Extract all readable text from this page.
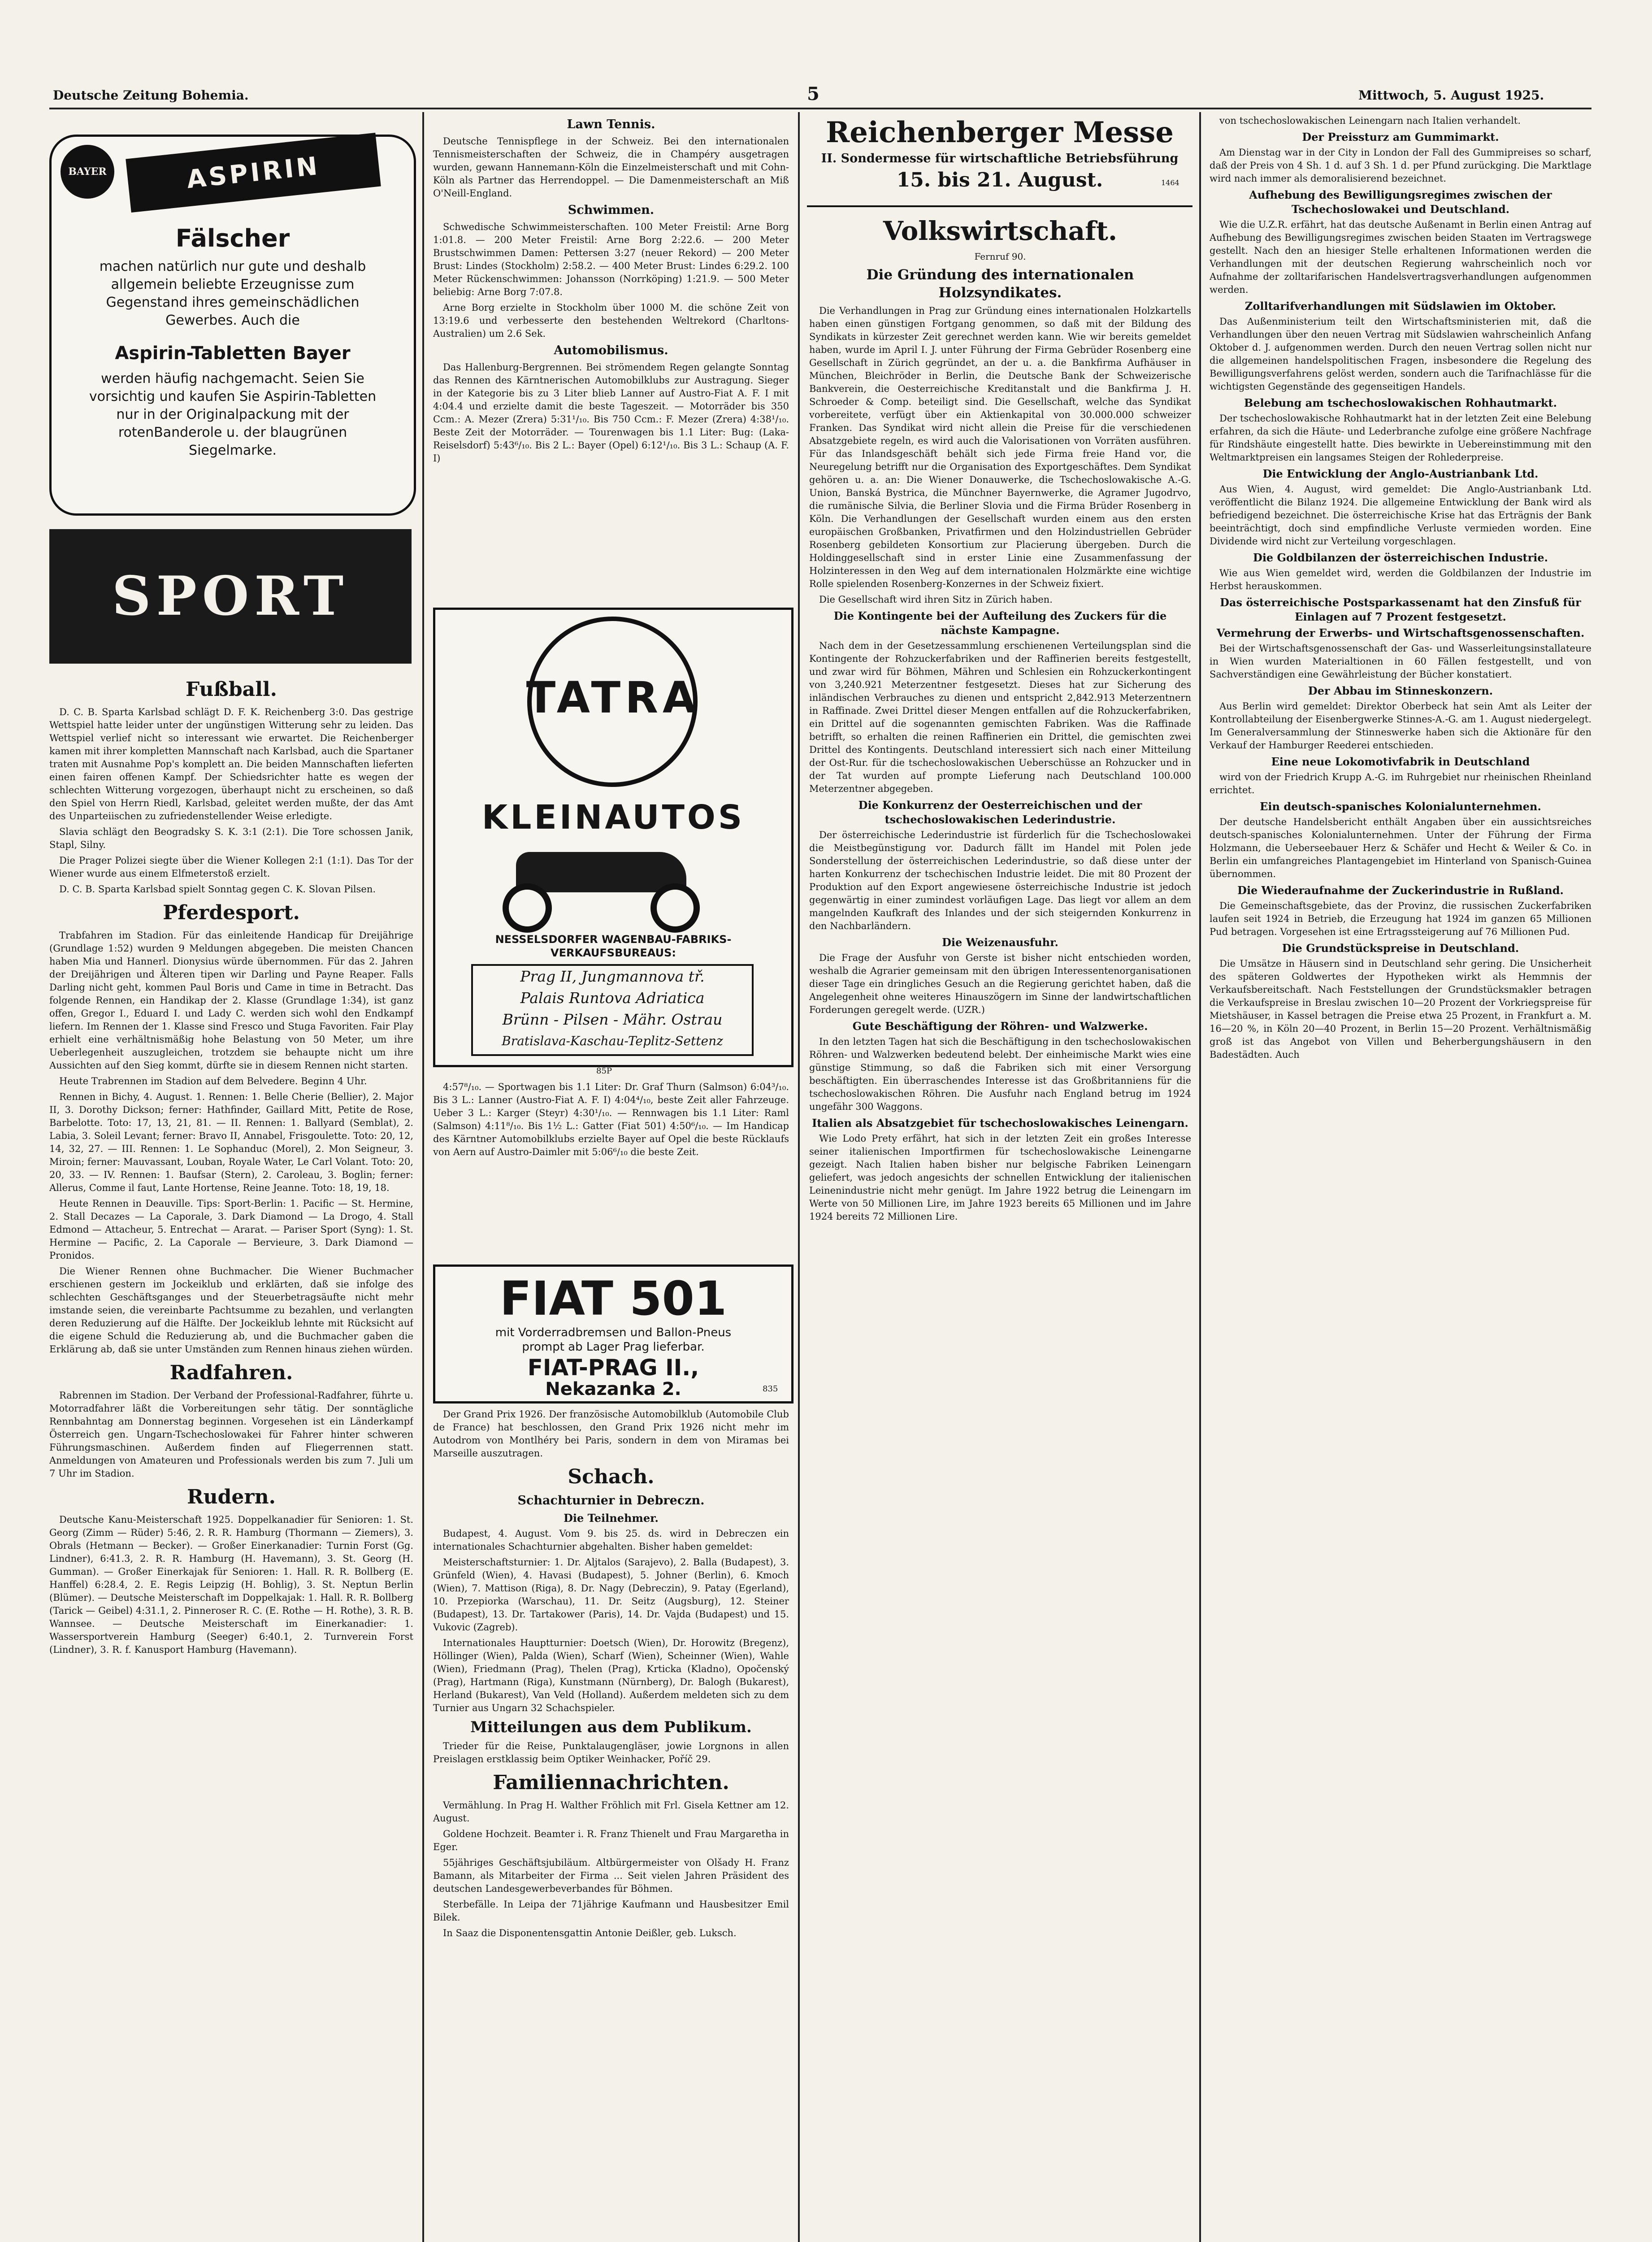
Deutsche Zeitung Bohemia.	5	Mittwoch, 5. August 1925.
BAYER	ASPIRIN
Fälscher
machen natürlich nur gute und deshalb allgemein beliebte Erzeugnisse zum Gegenstand ihres gemeinschädlichen Gewerbes. Auch die
Aspirin-Tabletten Bayer
werden häufig nachgemacht. Seien Sie vorsichtig und kaufen Sie Aspirin-Tabletten nur in der Originalpackung mit der rotenBanderole u. der blaugrünen Siegelmarke.
SPORT
Fußball.

D. C. B. Sparta Karlsbad schlägt D. F. K. Reichenberg 3:0. Das gestrige Wettspiel hatte leider unter der ungünstigen Witterung sehr zu leiden. Das Wettspiel verlief nicht so interessant wie erwartet. Die Reichenberger kamen mit ihrer kompletten Mannschaft nach Karlsbad, auch die Spartaner traten mit Ausnahme Pop's komplett an. Die beiden Mannschaften lieferten einen fairen offenen Kampf. Der Schiedsrichter hatte es wegen der schlechten Witterung vorgezogen, überhaupt nicht zu erscheinen, so daß den Spiel von Herrn Riedl, Karlsbad, geleitet werden mußte, der das Amt des Unparteiischen zu zufriedenstellender Weise erledigte.

Slavia schlägt den Beogradsky S. K. 3:1 (2:1). Die Tore schossen Janik, Stapl, Silny.

Die Prager Polizei siegte über die Wiener Kollegen 2:1 (1:1). Das Tor der Wiener wurde aus einem Elfmeterstoß erzielt.

D. C. B. Sparta Karlsbad spielt Sonntag gegen C. K. Slovan Pilsen.

Pferdesport.

Trabfahren im Stadion. Für das einleitende Handicap für Dreijährige (Grundlage 1:52) wurden 9 Meldungen abgegeben. Die meisten Chancen haben Mia und Hannerl. Dionysius würde übernommen. Für das 2. Jahren der Dreijährigen und Älteren tipen wir Darling und Payne Reaper. Falls Darling nicht geht, kommen Paul Boris und Came in time in Betracht. Das folgende Rennen, ein Handikap der 2. Klasse (Grundlage 1:34), ist ganz offen, Gregor I., Eduard I. und Lady C. werden sich wohl den Endkampf liefern. Im Rennen der 1. Klasse sind Fresco und Stuga Favoriten. Fair Play erhielt eine verhältnismäßig hohe Belastung von 50 Meter, um ihre Ueberlegenheit auszugleichen, trotzdem sie behaupte nicht um ihre Aussichten auf den Sieg kommt, dürfte sie in diesem Rennen nicht starten.

Heute Trabrennen im Stadion auf dem Belvedere. Beginn 4 Uhr.

Rennen in Bichy, 4. August. 1. Rennen: 1. Belle Cherie (Bellier), 2. Major II, 3. Dorothy Dickson; ferner: Hathfinder, Gaillard Mitt, Petite de Rose, Barbelotte. Toto: 17, 13, 21, 81. — II. Rennen: 1. Ballyard (Semblat), 2. Labia, 3. Soleil Levant; ferner: Bravo II, Annabel, Frisgoulette. Toto: 20, 12, 14, 32, 27. — III. Rennen: 1. Le Sophanduc (Morel), 2. Mon Seigneur, 3. Miroin; ferner: Mauvassant, Louban, Royale Water, Le Carl Volant. Toto: 20, 20, 33. — IV. Rennen: 1. Baufsar (Stern), 2. Caroleau, 3. Boglin; ferner: Allerus, Comme il faut, Lante Hortense, Reine Jeanne. Toto: 18, 19, 18.

Heute Rennen in Deauville. Tips: Sport-Berlin: 1. Pacific — St. Hermine, 2. Stall Decazes — La Caporale, 3. Dark Diamond — La Drogo, 4. Stall Edmond — Attacheur, 5. Entrechat — Ararat. — Pariser Sport (Syng): 1. St. Hermine — Pacific, 2. La Caporale — Bervieure, 3. Dark Diamond — Pronidos.

Die Wiener Rennen ohne Buchmacher. Die Wiener Buchmacher erschienen gestern im Jockeiklub und erklärten, daß sie infolge des schlechten Geschäftsganges und der Steuerbetragsäufte nicht mehr imstande seien, die vereinbarte Pachtsumme zu bezahlen, und verlangten deren Reduzierung auf die Hälfte. Der Jockeiklub lehnte mit Rücksicht auf die eigene Schuld die Reduzierung ab, und die Buchmacher gaben die Erklärung ab, daß sie unter Umständen zum Rennen hinaus ziehen würden.

Radfahren.

Rabrennen im Stadion. Der Verband der Professional-Radfahrer, führte u. Motorradfahrer läßt die Vorbereitungen sehr tätig. Der sonntägliche Rennbahntag am Donnerstag beginnen. Vorgesehen ist ein Länderkampf Österreich gen. Ungarn-Tschechoslowakei für Fahrer hinter schweren Führungsmaschinen. Außerdem finden auf Fliegerrennen statt. Anmeldungen von Amateuren und Professionals werden bis zum 7. Juli um 7 Uhr im Stadion.

Rudern.

Deutsche Kanu-Meisterschaft 1925. Doppelkanadier für Senioren: 1. St. Georg (Zimm — Rüder) 5:46, 2. R. R. Hamburg (Thormann — Ziemers), 3. Obrals (Hetmann — Becker). — Großer Einerkanadier: Turnin Forst (Gg. Lindner), 6:41.3, 2. R. R. Hamburg (H. Havemann), 3. St. Georg (H. Gumman). — Großer Einerkajak für Senioren: 1. Hall. R. R. Bollberg (E. Hanffel) 6:28.4, 2. E. Regis Leipzig (H. Bohlig), 3. St. Neptun Berlin (Blümer). — Deutsche Meisterschaft im Doppelkajak: 1. Hall. R. R. Bollberg (Tarick — Geibel) 4:31.1, 2. Pinneroser R. C. (E. Rothe — H. Rothe), 3. R. B. Wannsee. — Deutsche Meisterschaft im Einerkanadier: 1. Wassersportverein Hamburg (Seeger) 6:40.1, 2. Turnverein Forst (Lindner), 3. R. f. Kanusport Hamburg (Havemann).

Lawn Tennis.

Deutsche Tennispflege in der Schweiz. Bei den internationalen Tennismeisterschaften der Schweiz, die in Champéry ausgetragen wurden, gewann Hannemann-Köln die Einzelmeisterschaft und mit Cohn-Köln als Partner das Herrendoppel. — Die Damenmeisterschaft an Miß O'Neill-England.

Schwimmen.

Schwedische Schwimmeisterschaften. 100 Meter Freistil: Arne Borg 1:01.8. — 200 Meter Freistil: Arne Borg 2:22.6. — 200 Meter Brustschwimmen Damen: Pettersen 3:27 (neuer Rekord) — 200 Meter Brust: Lindes (Stockholm) 2:58.2. — 400 Meter Brust: Lindes 6:29.2. 100 Meter Rückenschwimmen: Johansson (Norrköping) 1:21.9. — 500 Meter beliebig: Arne Borg 7:07.8.

Arne Borg erzielte in Stockholm über 1000 M. die schöne Zeit von 13:19.6 und verbesserte den bestehenden Weltrekord (Charltons-Australien) um 2.6 Sek.

Automobilismus.

Das Hallenburg-Bergrennen. Bei strömendem Regen gelangte Sonntag das Rennen des Kärntnerischen Automobilklubs zur Austragung. Sieger in der Kategorie bis zu 3 Liter blieb Lanner auf Austro-Fiat A. F. I mit 4:04.4 und erzielte damit die beste Tageszeit. — Motorräder bis 350 Ccm.: A. Mezer (Zrera) 5:31¹/₁₀. Bis 750 Ccm.: F. Mezer (Zrera) 4:38¹/₁₀. Beste Zeit der Motorräder. — Tourenwagen bis 1.1 Liter: Bug: (Laka-Reiselsdorf) 5:43⁶/₁₀. Bis 2 L.: Bayer (Opel) 6:12¹/₁₀. Bis 3 L.: Schaup (A. F. I)

TATRA
KLEINAUTOS
NESSELSDORFER WAGENBAU-FABRIKS-VERKAUFSBUREAUS:
Prag II, Jungmannova tř.
Palais Runtova Adriatica
Brünn - Pilsen - Mähr. Ostrau
Bratislava-Kaschau-Teplitz-Settenz
85P

4:57⁸/₁₀. — Sportwagen bis 1.1 Liter: Dr. Graf Thurn (Salmson) 6:04³/₁₀. Bis 3 L.: Lanner (Austro-Fiat A. F. I) 4:04⁴/₁₀, beste Zeit aller Fahrzeuge. Ueber 3 L.: Karger (Steyr) 4:30¹/₁₀. — Rennwagen bis 1.1 Liter: Raml (Salmson) 4:11⁸/₁₀. Bis 1½ L.: Gatter (Fiat 501) 4:50⁶/₁₀. — Im Handicap des Kärntner Automobilklubs erzielte Bayer auf Opel die beste Rücklaufs von Aern auf Austro-Daimler mit 5:06⁶/₁₀ die beste Zeit.

FIAT 501
mit Vorderradbremsen und Ballon-Pneus
prompt ab Lager Prag lieferbar.
FIAT-PRAG II.,
Nekazanka 2.	835

Der Grand Prix 1926. Der französische Automobilklub (Automobile Club de France) hat beschlossen, den Grand Prix 1926 nicht mehr im Autodrom von Montlhéry bei Paris, sondern in dem von Miramas bei Marseille auszutragen.

Schach.
Schachturnier in Debreczn.
Die Teilnehmer.

Budapest, 4. August. Vom 9. bis 25. ds. wird in Debreczen ein internationales Schachturnier abgehalten. Bisher haben gemeldet:

Meisterschaftsturnier: 1. Dr. Aljtalos (Sarajevo), 2. Balla (Budapest), 3. Grünfeld (Wien), 4. Havasi (Budapest), 5. Johner (Berlin), 6. Kmoch (Wien), 7. Mattison (Riga), 8. Dr. Nagy (Debreczin), 9. Patay (Egerland), 10. Przepiorka (Warschau), 11. Dr. Seitz (Augsburg), 12. Steiner (Budapest), 13. Dr. Tartakower (Paris), 14. Dr. Vajda (Budapest) und 15. Vukovic (Zagreb).

Internationales Hauptturnier: Doetsch (Wien), Dr. Horowitz (Bregenz), Höllinger (Wien), Palda (Wien), Scharf (Wien), Scheinner (Wien), Wahle (Wien), Friedmann (Prag), Thelen (Prag), Krticka (Kladno), Opočenský (Prag), Hartmann (Riga), Kunstmann (Nürnberg), Dr. Balogh (Bukarest), Herland (Bukarest), Van Veld (Holland). Außerdem meldeten sich zu dem Turnier aus Ungarn 32 Schachspieler.

Mitteilungen aus dem Publikum.

Trieder für die Reise, Punktalaugengläser, jowie Lorgnons in allen Preislagen erstklassig beim Optiker Weinhacker, Poříč 29.

Familiennachrichten.

Vermählung. In Prag H. Walther Fröhlich mit Frl. Gisela Kettner am 12. August.

Goldene Hochzeit. Beamter i. R. Franz Thienelt und Frau Margaretha in Eger.

55jähriges Geschäftsjubiläum. Altbürgermeister von Olšady H. Franz Bamann, als Mitarbeiter der Firma ... Seit vielen Jahren Präsident des deutschen Landesgewerbeverbandes für Böhmen.

Sterbefälle. In Leipa der 71jährige Kaufmann und Hausbesitzer Emil Bilek.

In Saaz die Disponentensgattin Antonie Deißler, geb. Luksch.

Reichenberger Messe
II. Sondermesse für wirtschaftliche Betriebsführung
15. bis 21. August.	1464
Volkswirtschaft.
Fernruf 90.
Die Gründung des internationalen Holzsyndikates.

Die Verhandlungen in Prag zur Gründung eines internationalen Holzkartells haben einen günstigen Fortgang genommen, so daß mit der Bildung des Syndikats in kürzester Zeit gerechnet werden kann. Wie wir bereits gemeldet haben, wurde im April I. J. unter Führung der Firma Gebrüder Rosenberg eine Gesellschaft in Zürich gegründet, an der u. a. die Bankfirma Aufhäuser in München, Bleichröder in Berlin, die Deutsche Bank der Schweizerische Bankverein, die Oesterreichische Kreditanstalt und die Bankfirma J. H. Schroeder & Comp. beteiligt sind. Die Gesellschaft, welche das Syndikat vorbereitete, verfügt über ein Aktienkapital von 30.000.000 schweizer Franken. Das Syndikat wird nicht allein die Preise für die verschiedenen Absatzgebiete regeln, es wird auch die Valorisationen von Vorräten ausführen. Für das Inlandsgeschäft behält sich jede Firma freie Hand vor, die Neuregelung betrifft nur die Organisation des Exportgeschäftes. Dem Syndikat gehören u. a. an: Die Wiener Donauwerke, die Tschechoslowakische A.-G. Union, Banská Bystrica, die Münchner Bayernwerke, die Agramer Jugodrvo, die rumänische Silvia, die Berliner Slovia und die Firma Brüder Rosenberg in Köln. Die Verhandlungen der Gesellschaft wurden einem aus den ersten europäischen Großbanken, Privatfirmen und den Holzindustriellen Gebrüder Rosenberg gebildeten Konsortium zur Placierung übergeben. Durch die Holdinggesellschaft sind in erster Linie eine Zusammenfassung der Holzinteressen in den Weg auf dem internationalen Holzmärkte eine wichtige Rolle spielenden Rosenberg-Konzernes in der Schweiz fixiert.

Die Gesellschaft wird ihren Sitz in Zürich haben.

Die Kontingente bei der Aufteilung des Zuckers für die nächste Kampagne.

Nach dem in der Gesetzessammlung erschienenen Verteilungsplan sind die Kontingente der Rohzuckerfabriken und der Raffinerien bereits festgestellt, und zwar wird für Böhmen, Mähren und Schlesien ein Rohzuckerkontingent von 3,240.921 Meterzentner festgesetzt. Dieses hat zur Sicherung des inländischen Verbrauches zu dienen und entspricht 2,842.913 Meterzentnern in Raffinade. Zwei Drittel dieser Mengen entfallen auf die Rohzuckerfabriken, ein Drittel auf die sogenannten gemischten Fabriken. Was die Raffinade betrifft, so erhalten die reinen Raffinerien ein Drittel, die gemischten zwei Drittel des Kontingents. Deutschland interessiert sich nach einer Mitteilung der Ost-Rur. für die tschechoslowakischen Ueberschüsse an Rohzucker und in der Tat wurden auf prompte Lieferung nach Deutschland 100.000 Meterzentner abgegeben.

Die Konkurrenz der Oesterreichischen und der tschechoslowakischen Lederindustrie.

Der österreichische Lederindustrie ist fürderlich für die Tschechoslowakei die Meistbegünstigung vor. Dadurch fällt im Handel mit Polen jede Sonderstellung der österreichischen Lederindustrie, so daß diese unter der harten Konkurrenz der tschechischen Industrie leidet. Die mit 80 Prozent der Produktion auf den Export angewiesene österreichische Industrie ist jedoch gegenwärtig in einer zumindest vorläufigen Lage. Das liegt vor allem an dem mangelnden Kaufkraft des Inlandes und der sich steigernden Konkurrenz in den Nachbarländern.

Die Weizenausfuhr.

Die Frage der Ausfuhr von Gerste ist bisher nicht entschieden worden, weshalb die Agrarier gemeinsam mit den übrigen Interessentenorganisationen dieser Tage ein dringliches Gesuch an die Regierung gerichtet haben, daß die Angelegenheit ohne weiteres Hinauszögern im Sinne der landwirtschaftlichen Forderungen geregelt werde. (UZR.)

Gute Beschäftigung der Röhren- und Walzwerke.

In den letzten Tagen hat sich die Beschäftigung in den tschechoslowakischen Röhren- und Walzwerken bedeutend belebt. Der einheimische Markt wies eine günstige Stimmung, so daß die Fabriken sich mit einer Versorgung beschäftigten. Ein überraschendes Interesse ist das Großbritanniens für die tschechoslowakischen Röhren. Die Ausfuhr nach England betrug im 1924 ungefähr 300 Waggons.

Italien als Absatzgebiet für tschechoslowakisches Leinengarn.

Wie Lodo Prety erfährt, hat sich in der letzten Zeit ein großes Interesse seiner italienischen Importfirmen für tschechoslowakische Leinengarne gezeigt. Nach Italien haben bisher nur belgische Fabriken Leinengarn geliefert, was jedoch angesichts der schnellen Entwicklung der italienischen Leinenindustrie nicht mehr genügt. Im Jahre 1922 betrug die Leinengarn im Werte von 50 Millionen Lire, im Jahre 1923 bereits 65 Millionen und im Jahre 1924 bereits 72 Millionen Lire.

von tschechoslowakischen Leinengarn nach Italien verhandelt.

Der Preissturz am Gummimarkt.

Am Dienstag war in der City in London der Fall des Gummipreises so scharf, daß der Preis von 4 Sh. 1 d. auf 3 Sh. 1 d. per Pfund zurückging. Die Marktlage wird nach immer als demoralisierend bezeichnet.

Aufhebung des Bewilligungsregimes zwischen der Tschechoslowakei und Deutschland.

Wie die U.Z.R. erfährt, hat das deutsche Außenamt in Berlin einen Antrag auf Aufhebung des Bewilligungsregimes zwischen beiden Staaten im Vertragswege gestellt. Nach den an hiesiger Stelle erhaltenen Informationen werden die Verhandlungen mit der deutschen Regierung wahrscheinlich noch vor Aufnahme der zolltarifarischen Handelsvertragsverhandlungen aufgenommen werden.

Zolltarifverhandlungen mit Südslawien im Oktober.

Das Außenministerium teilt den Wirtschaftsministerien mit, daß die Verhandlungen über den neuen Vertrag mit Südslawien wahrscheinlich Anfang Oktober d. J. aufgenommen werden. Durch den neuen Vertrag sollen nicht nur die allgemeinen handelspolitischen Fragen, insbesondere die Regelung des Bewilligungsverfahrens gelöst werden, sondern auch die Tarifnachlässe für die wichtigsten Gegenstände des gegenseitigen Handels.

Belebung am tschechoslowakischen Rohhautmarkt.

Der tschechoslowakische Rohhautmarkt hat in der letzten Zeit eine Belebung erfahren, da sich die Häute- und Lederbranche zufolge eine größere Nachfrage für Rindshäute eingestellt hatte. Dies bewirkte in Uebereinstimmung mit den Weltmarktpreisen ein langsames Steigen der Rohlederpreise.

Die Entwicklung der Anglo-Austrianbank Ltd.

Aus Wien, 4. August, wird gemeldet: Die Anglo-Austrianbank Ltd. veröffentlicht die Bilanz 1924. Die allgemeine Entwicklung der Bank wird als befriedigend bezeichnet. Die österreichische Krise hat das Erträgnis der Bank beeinträchtigt, doch sind empfindliche Verluste vermieden worden. Eine Dividende wird nicht zur Verteilung vorgeschlagen.

Die Goldbilanzen der österreichischen Industrie.

Wie aus Wien gemeldet wird, werden die Goldbilanzen der Industrie im Herbst herauskommen.

Das österreichische Postsparkassenamt hat den Zinsfuß für Einlagen auf 7 Prozent festgesetzt.
Vermehrung der Erwerbs- und Wirtschaftsgenossenschaften.

Bei der Wirtschaftsgenossenschaft der Gas- und Wasserleitungsinstallateure in Wien wurden Materialtionen in 60 Fällen festgestellt, und von Sachverständigen eine Gewährleistung der Bücher konstatiert.

Der Abbau im Stinneskonzern.

Aus Berlin wird gemeldet: Direktor Oberbeck hat sein Amt als Leiter der Kontrollabteilung der Eisenbergwerke Stinnes-A.-G. am 1. August niedergelegt. Im Generalversammlung der Stinneswerke haben sich die Aktionäre für den Verkauf der Hamburger Reederei entschieden.

Eine neue Lokomotivfabrik in Deutschland

wird von der Friedrich Krupp A.-G. im Ruhrgebiet nur rheinischen Rheinland errichtet.

Ein deutsch-spanisches Kolonialunternehmen.

Der deutsche Handelsbericht enthält Angaben über ein aussichtsreiches deutsch-spanisches Kolonialunternehmen. Unter der Führung der Firma Holzmann, die Ueberseebauer Herz & Schäfer und Hecht & Weiler & Co. in Berlin ein umfangreiches Plantagengebiet im Hinterland von Spanisch-Guinea übernommen.

Die Wiederaufnahme der Zuckerindustrie in Rußland.

Die Gemeinschaftsgebiete, das der Provinz, die russischen Zuckerfabriken laufen seit 1924 in Betrieb, die Erzeugung hat 1924 im ganzen 65 Millionen Pud betragen. Vorgesehen ist eine Ertragssteigerung auf 76 Millionen Pud.

Die Grundstückspreise in Deutschland.

Die Umsätze in Häusern sind in Deutschland sehr gering. Die Unsicherheit des späteren Goldwertes der Hypotheken wirkt als Hemmnis der Verkaufsbereitschaft. Nach Feststellungen der Grundstücksmakler betragen die Verkaufspreise in Breslau zwischen 10—20 Prozent der Vorkriegspreise für Mietshäuser, in Kassel betragen die Preise etwa 25 Prozent, in Frankfurt a. M. 16—20 %, in Köln 20—40 Prozent, in Berlin 15—20 Prozent. Verhältnismäßig groß ist das Angebot von Villen und Beherbergungshäusern in den Badestädten. Auch
